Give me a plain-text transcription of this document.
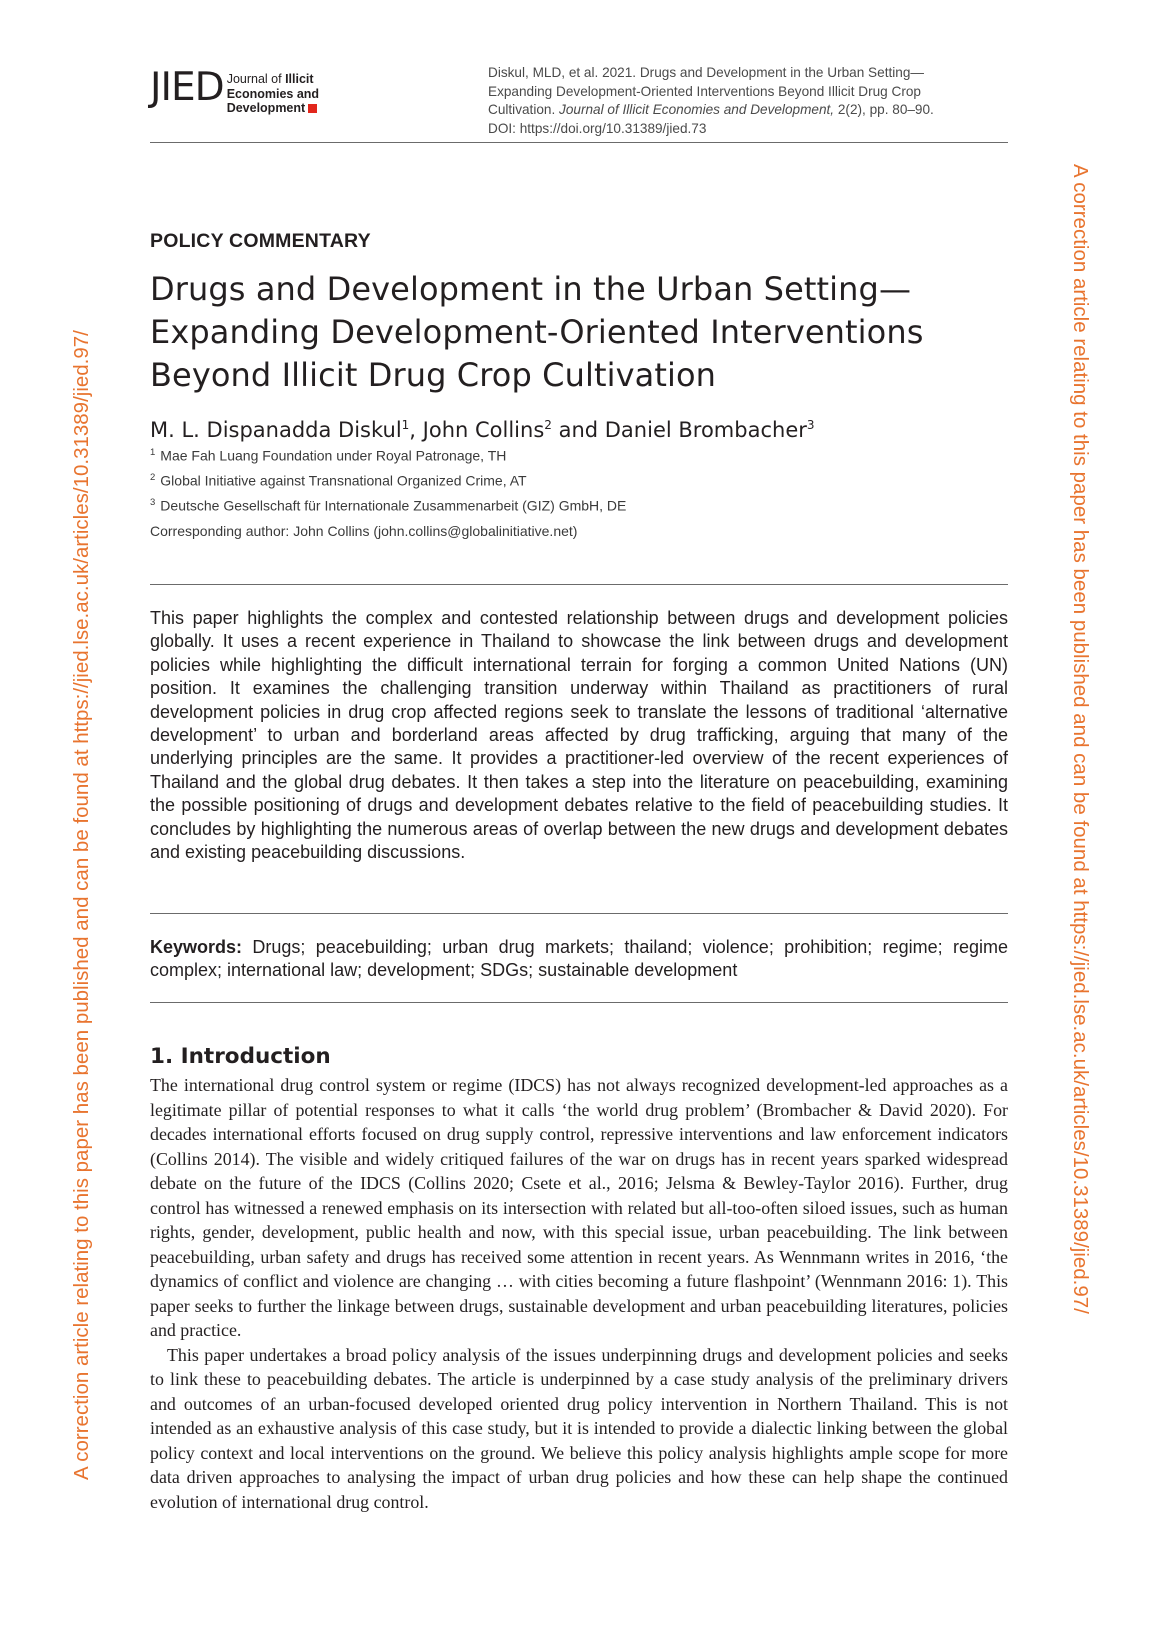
JIED Journal of Illicit
Economies and
Development
Diskul, MLD, et al. 2021. Drugs and Development in the Urban Setting—
Expanding Development-Oriented Interventions Beyond Illicit Drug Crop
Cultivation. Journal of Illicit Economies and Development, 2(2), pp. 80–90.
DOI: https://doi.org/10.31389/jied.73
A correction article relating to this paper has been published and can be found at https://jied.lse.ac.uk/articles/10.31389/jied.97/	A correction article relating to this paper has been published and can be found at https://jied.lse.ac.uk/articles/10.31389/jied.97/
POLICY COMMENTARY
Drugs and Development in the Urban Setting—
Expanding Development-Oriented Interventions
Beyond Illicit Drug Crop Cultivation
M. L. Dispanadda Diskul$^1$, John Collins$^2$ and Daniel Brombacher$^3$
$^1$ Mae Fah Luang Foundation under Royal Patronage, TH
$^2$ Global Initiative against Transnational Organized Crime, AT
$^3$ Deutsche Gesellschaft für Internationale Zusammenarbeit (GIZ) GmbH, DE
Corresponding author: John Collins (john.collins@globalinitiative.net)

This paper highlights the complex and contested relationship between drugs and development policies globally. It uses a recent experience in Thailand to showcase the link between drugs and development policies while highlighting the difficult international terrain for forging a common United Nations (UN) position. It examines the challenging transition underway within Thailand as practitioners of rural development policies in drug crop affected regions seek to translate the lessons of traditional ‘alternative development’ to urban and borderland areas affected by drug trafficking, arguing that many of the underlying principles are the same. It provides a practitioner-led overview of the recent experiences of Thailand and the global drug debates. It then takes a step into the literature on peacebuilding, examining the possible positioning of drugs and development debates relative to the field of peacebuilding studies. It concludes by highlighting the numerous areas of overlap between the new drugs and development debates and existing peacebuilding discussions.

Keywords: Drugs; peacebuilding; urban drug markets; thailand; violence; prohibition; regime; regime complex; international law; development; SDGs; sustainable development

1. Introduction

The international drug control system or regime (IDCS) has not always recognized development-led approaches as a legitimate pillar of potential responses to what it calls ‘the world drug problem’ (Brombacher & David 2020). For decades international efforts focused on drug supply control, repressive interventions and law enforcement indicators (Collins 2014). The visible and widely critiqued failures of the war on drugs has in recent years sparked widespread debate on the future of the IDCS (Collins 2020; Csete et al., 2016; Jelsma & Bewley-Taylor 2016). Further, drug control has witnessed a renewed emphasis on its intersection with related but all-too-often siloed issues, such as human rights, gender, development, public health and now, with this special issue, urban peacebuilding. The link between peacebuilding, urban safety and drugs has received some attention in recent years. As Wennmann writes in 2016, ‘the dynamics of conflict and violence are changing … with cities becoming a future flashpoint’ (Wennmann 2016: 1). This paper seeks to further the linkage between drugs, sustainable development and urban peacebuilding literatures, policies and practice.

This paper undertakes a broad policy analysis of the issues underpinning drugs and development policies and seeks to link these to peacebuilding debates. The article is underpinned by a case study analysis of the preliminary drivers and outcomes of an urban-focused developed oriented drug policy intervention in Northern Thailand. This is not intended as an exhaustive analysis of this case study, but it is intended to provide a dialectic linking between the global policy context and local interventions on the ground. We believe this policy analysis highlights ample scope for more data driven approaches to analysing the impact of urban drug policies and how these can help shape the continued evolution of international drug control.
